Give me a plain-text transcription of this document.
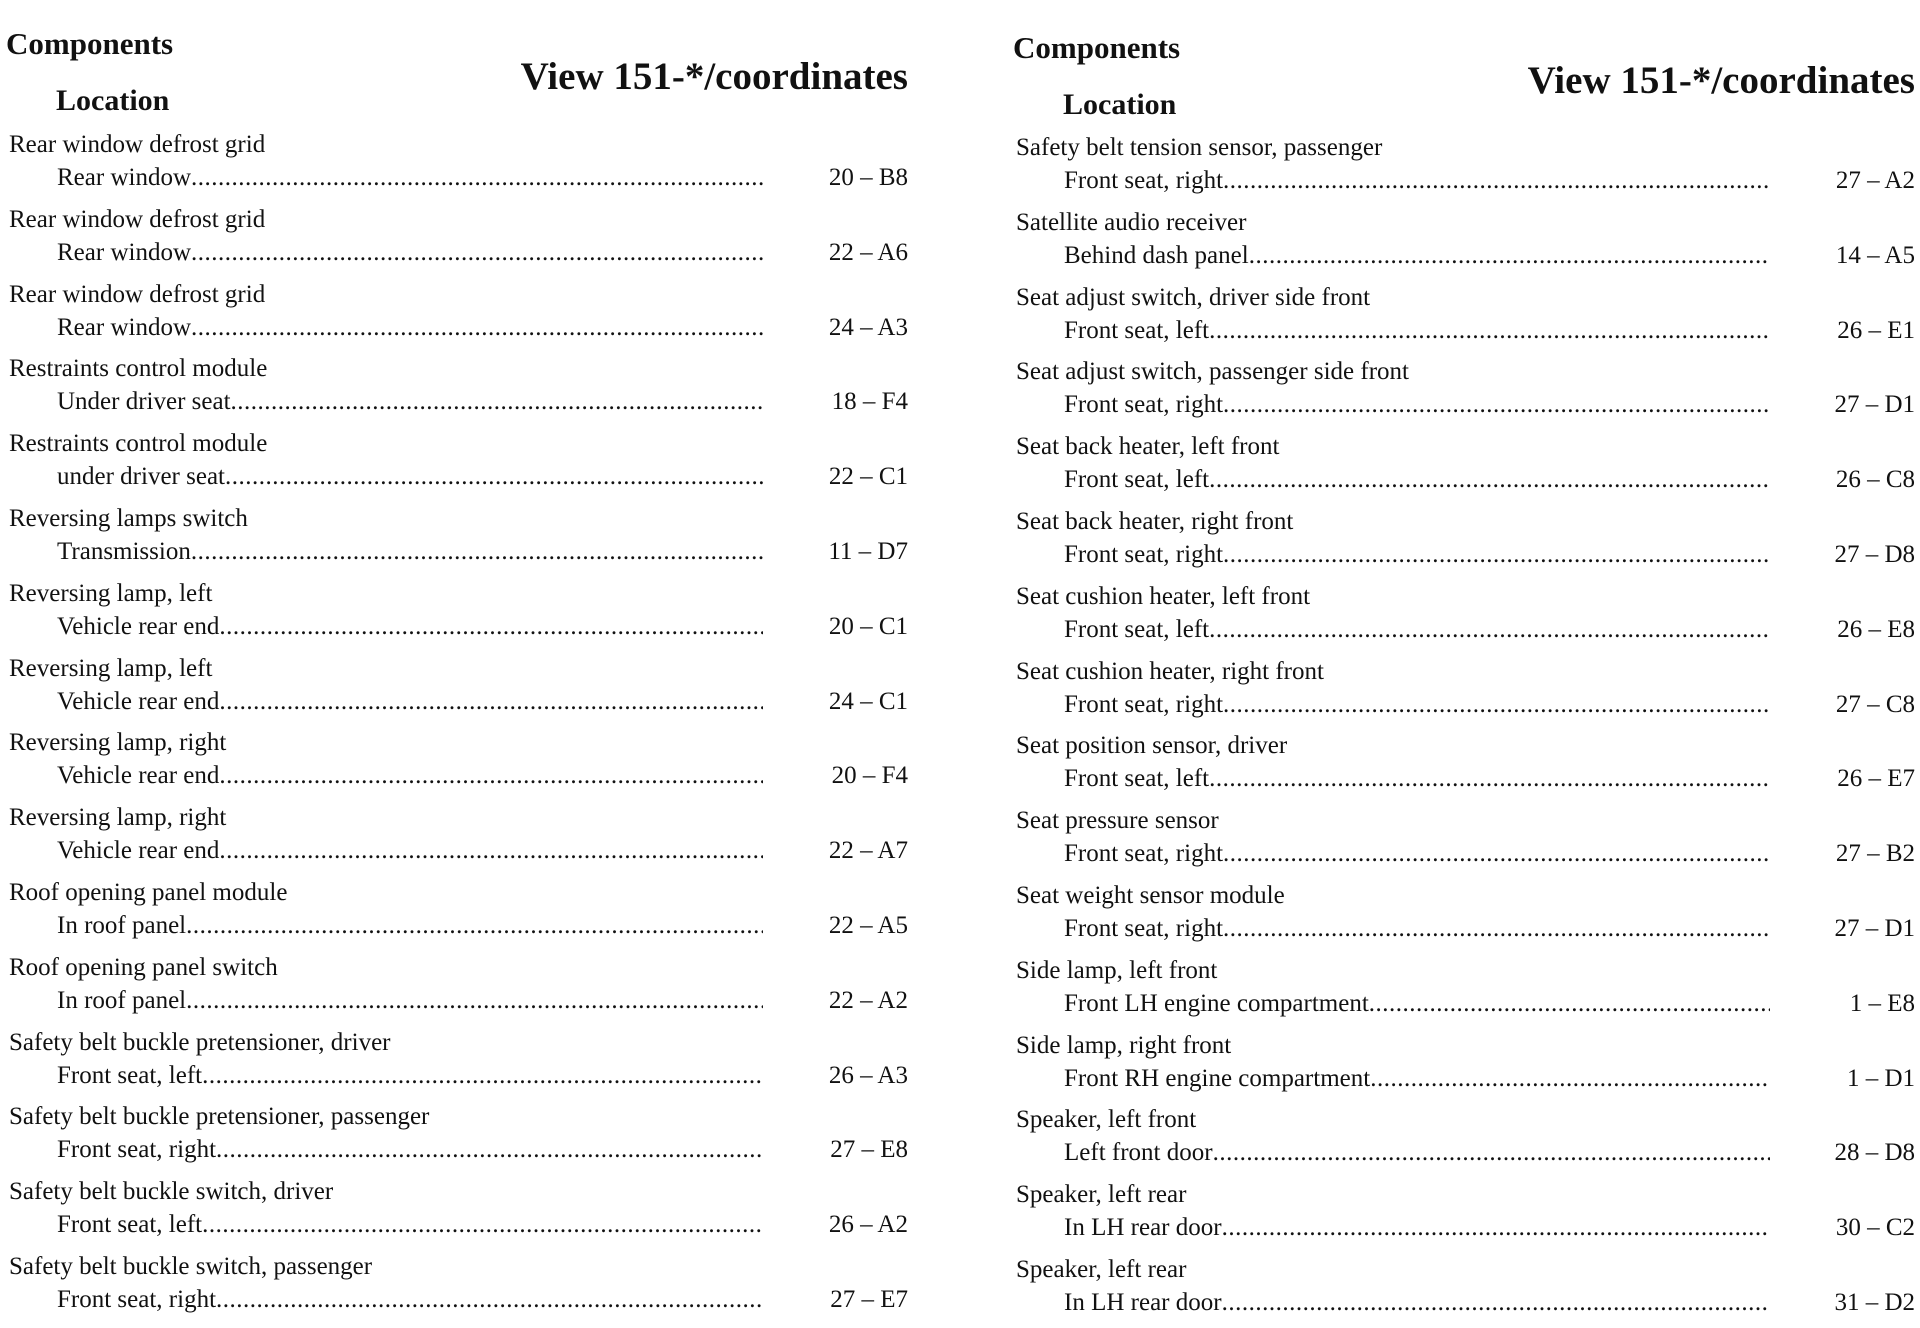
Components
Location
View 151-*/coordinates
Rear window defrost grid
Rear window .....	20 – B8
Rear window defrost grid
Rear window .....	22 – A6
Rear window defrost grid
Rear window .....	24 – A3
Restraints control module
Under driver seat .....	18 – F4
Restraints control module
under driver seat .....	22 – C1
Reversing lamps switch
Transmission .....	11 – D7
Reversing lamp, left
Vehicle rear end .....	20 – C1
Reversing lamp, left
Vehicle rear end .....	24 – C1
Reversing lamp, right
Vehicle rear end .....	20 – F4
Reversing lamp, right
Vehicle rear end .....	22 – A7
Roof opening panel module
In roof panel .....	22 – A5
Roof opening panel switch
In roof panel .....	22 – A2
Safety belt buckle pretensioner, driver
Front seat, left .....	26 – A3
Safety belt buckle pretensioner, passenger
Front seat, right .....	27 – E8
Safety belt buckle switch, driver
Front seat, left .....	26 – A2
Safety belt buckle switch, passenger
Front seat, right .....	27 – E7
Components
Location
View 151-*/coordinates
Safety belt tension sensor, passenger
Front seat, right .....	27 – A2
Satellite audio receiver
Behind dash panel .....	14 – A5
Seat adjust switch, driver side front
Front seat, left .....	26 – E1
Seat adjust switch, passenger side front
Front seat, right .....	27 – D1
Seat back heater, left front
Front seat, left .....	26 – C8
Seat back heater, right front
Front seat, right .....	27 – D8
Seat cushion heater, left front
Front seat, left .....	26 – E8
Seat cushion heater, right front
Front seat, right .....	27 – C8
Seat position sensor, driver
Front seat, left .....	26 – E7
Seat pressure sensor
Front seat, right .....	27 – B2
Seat weight sensor module
Front seat, right .....	27 – D1
Side lamp, left front
Front LH engine compartment .....	1 – E8
Side lamp, right front
Front RH engine compartment .....	1 – D1
Speaker, left front
Left front door .....	28 – D8
Speaker, left rear
In LH rear door .....	30 – C2
Speaker, left rear
In LH rear door .....	31 – D2
